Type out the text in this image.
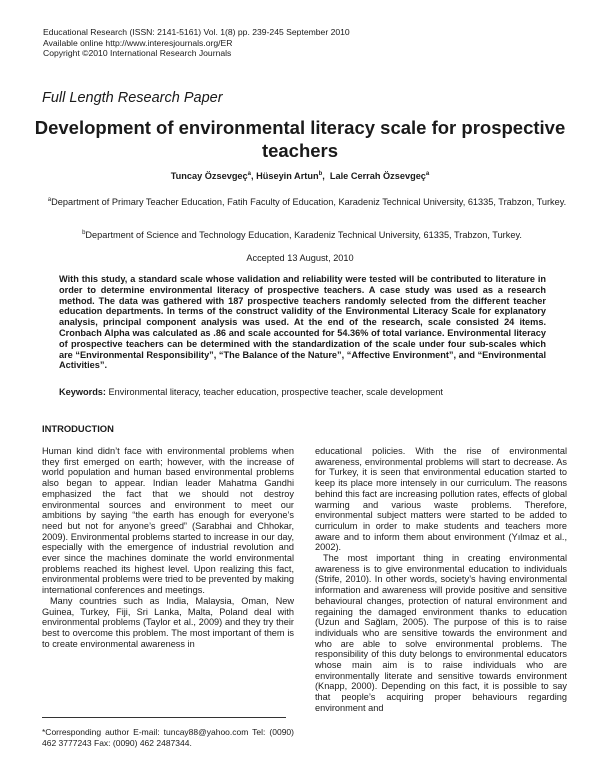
Educational Research (ISSN: 2141-5161) Vol. 1(8) pp. 239-245 September 2010
Available online http://www.interesjournals.org/ER
Copyright ©2010 International Research Journals
Full Length Research Paper
Development of environmental literacy scale for prospective teachers
Tuncay Özsevgeç$^a$, Hüseyin Artun$^b$,  Lale Cerrah Özsevgeç$^a$
$^a$Department of Primary Teacher Education, Fatih Faculty of Education, Karadeniz Technical University, 61335, Trabzon, Turkey.
$^b$Department of Science and Technology Education, Karadeniz Technical University, 61335, Trabzon, Turkey.
Accepted 13 August, 2010
With this study, a standard scale whose validation and reliability were tested will be contributed to literature in order to determine environmental literacy of prospective teachers. A case study was used as a research method. The data was gathered with 187 prospective teachers randomly selected from the different teacher education departments. In terms of the construct validity of the Environmental Literacy Scale for explanatory analysis, principal component analysis was used. At the end of the research, scale consisted 24 items. Cronbach Alpha was calculated as .86 and scale accounted for 54.36% of total variance. Environmental literacy of prospective teachers can be determined with the standardization of the scale under four sub-scales which are “Environmental Responsibility”, “The Balance of the Nature”, “Affective Environment”, and “Environmental Activities”.
Keywords: Environmental literacy, teacher education, prospective teacher, scale development
INTRODUCTION

Human kind didn’t face with environmental problems when they first emerged on earth; however, with the increase of world population and human based environmental problems also began to appear. Indian leader Mahatma Gandhi emphasized the fact that we should not destroy environmental sources and environment to meet our ambitions by saying “the earth has enough for everyone’s need but not for anyone’s greed” (Sarabhai and Chhokar, 2009). Environmental problems started to increase in our day, especially with the emergence of industrial revolution and ever since the machines dominate the world environmental problems reached its highest level. Upon realizing this fact, environmental problems were tried to be prevented by making international conferences and meetings.

Many countries such as India, Malaysia, Oman, New Guinea, Turkey, Fiji, Sri Lanka, Malta, Poland deal with environmental problems (Taylor et al., 2009) and they try their best to overcome this problem. The most important of them is to create environmental awareness in

educational policies. With the rise of environmental awareness, environmental problems will start to decrease. As for Turkey, it is seen that environmental education started to keep its place more intensely in our curriculum. The reasons behind this fact are increasing pollution rates, effects of global warming and various waste problems. Therefore, environmental subject matters were started to be added to curriculum in order to make students and teachers more aware and to inform them about environment (Yılmaz et al., 2002).

The most important thing in creating environmental awareness is to give environmental education to individuals (Strife, 2010). In other words, society’s having environmental information and awareness will provide positive and sensitive behavioural changes, protection of natural environment and regaining the damaged environment thanks to education (Uzun and Sağlam, 2005). The purpose of this is to raise individuals who are sensitive towards the environment and who are able to solve environmental problems. The responsibility of this duty belongs to environmental educators whose main aim is to raise individuals who are environmentally literate and sensitive towards environment (Knapp, 2000). Depending on this fact, it is possible to say that people’s acquiring proper behaviours regarding environment and

*Corresponding author E-mail: tuncay88@yahoo.com Tel: (0090) 462 3777243 Fax: (0090) 462 2487344.
